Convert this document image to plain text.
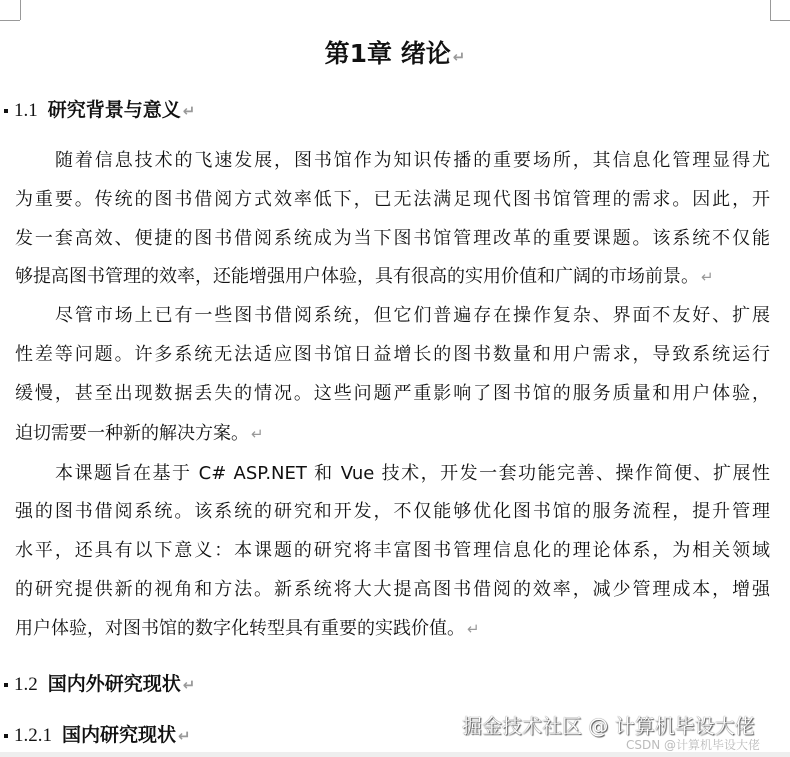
第1章 绪论 ↵
1.1 研究背景与意义 ↵
随着信息技术的飞速发展，图书馆作为知识传播的重要场所，其信息化管理显得尤
为重要。传统的图书借阅方式效率低下，已无法满足现代图书馆管理的需求。因此，开
发一套高效、便捷的图书借阅系统成为当下图书馆管理改革的重要课题。该系统不仅能
够提高图书管理的效率，还能增强用户体验，具有很高的实用价值和广阔的市场前景。 ↵
尽管市场上已有一些图书借阅系统，但它们普遍存在操作复杂、界面不友好、扩展
性差等问题。许多系统无法适应图书馆日益增长的图书数量和用户需求，导致系统运行
缓慢，甚至出现数据丢失的情况。这些问题严重影响了图书馆的服务质量和用户体验，
迫切需要一种新的解决方案。 ↵
本课题旨在基于 C# ASP.NET 和 Vue 技术，开发一套功能完善、操作简便、扩展性
强的图书借阅系统。该系统的研究和开发，不仅能够优化图书馆的服务流程，提升管理
水平，还具有以下意义：本课题的研究将丰富图书管理信息化的理论体系，为相关领域
的研究提供新的视角和方法。新系统将大大提高图书借阅的效率，减少管理成本，增强
用户体验，对图书馆的数字化转型具有重要的实践价值。 ↵
1.2 国内外研究现状 ↵
1.2.1 国内研究现状 ↵	掘金技术社区 @ 计算机毕设大佬
CSDN @计算机毕设大佬
